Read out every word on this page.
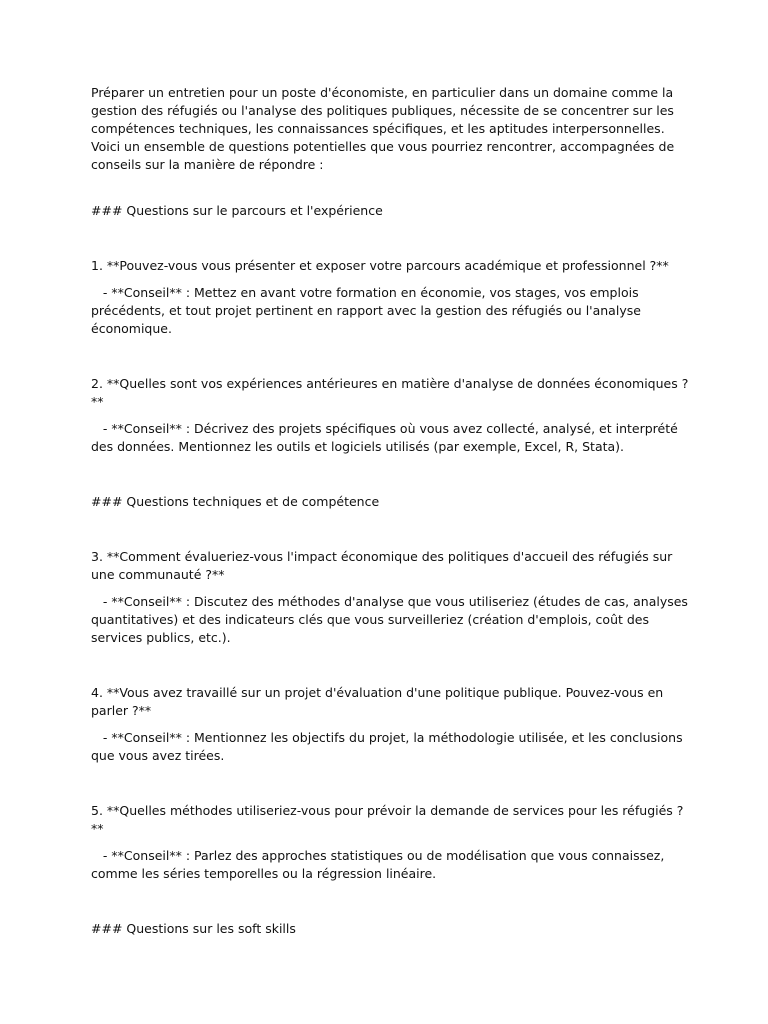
Préparer un entretien pour un poste d'économiste, en particulier dans un domaine comme la gestion des réfugiés ou l'analyse des politiques publiques, nécessite de se concentrer sur les compétences techniques, les connaissances spécifiques, et les aptitudes interpersonnelles. Voici un ensemble de questions potentielles que vous pourriez rencontrer, accompagnées de conseils sur la manière de répondre :

### Questions sur le parcours et l'expérience

1. **Pouvez-vous vous présenter et exposer votre parcours académique et professionnel ?**

- **Conseil** : Mettez en avant votre formation en économie, vos stages, vos emplois précédents, et tout projet pertinent en rapport avec la gestion des réfugiés ou l'analyse économique.

2. **Quelles sont vos expériences antérieures en matière d'analyse de données économiques ?**

- **Conseil** : Décrivez des projets spécifiques où vous avez collecté, analysé, et interprété des données. Mentionnez les outils et logiciels utilisés (par exemple, Excel, R, Stata).

### Questions techniques et de compétence

3. **Comment évalueriez-vous l'impact économique des politiques d'accueil des réfugiés sur une communauté ?**

- **Conseil** : Discutez des méthodes d'analyse que vous utiliseriez (études de cas, analyses quantitatives) et des indicateurs clés que vous surveilleriez (création d'emplois, coût des services publics, etc.).

4. **Vous avez travaillé sur un projet d'évaluation d'une politique publique. Pouvez-vous en parler ?**

- **Conseil** : Mentionnez les objectifs du projet, la méthodologie utilisée, et les conclusions que vous avez tirées.

5. **Quelles méthodes utiliseriez-vous pour prévoir la demande de services pour les réfugiés ?**

- **Conseil** : Parlez des approches statistiques ou de modélisation que vous connaissez, comme les séries temporelles ou la régression linéaire.

### Questions sur les soft skills
